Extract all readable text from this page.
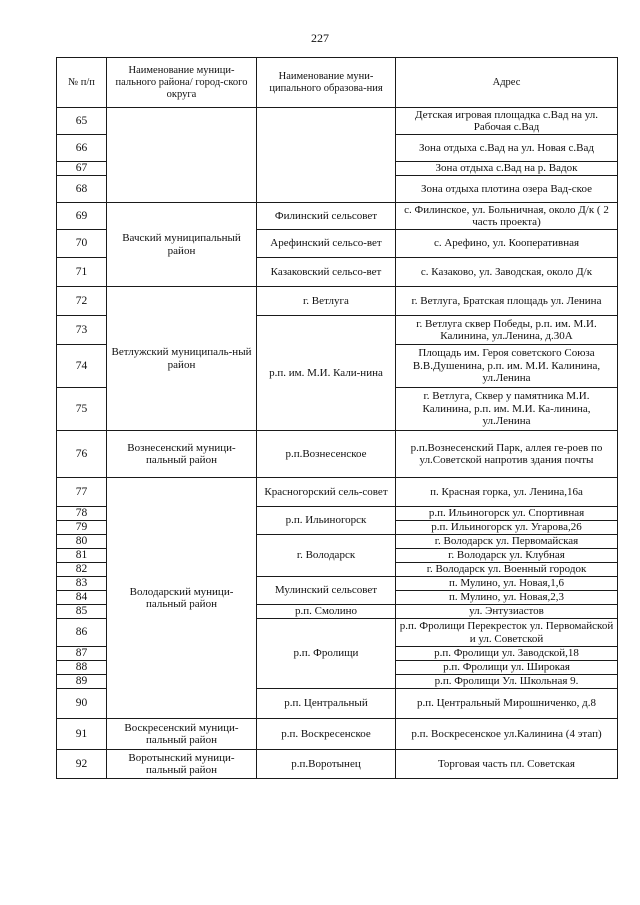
227
№ п/п	Наименование муници-пального района/ город-ского округа	Наименование муни-ципального образова-ния	Адрес
65			Детская игровая площадка с.Вад на ул. Рабочая с.Вад
66			Зона отдыха с.Вад на ул. Новая с.Вад
67			Зона отдыха с.Вад на р. Вадок
68			Зона отдыха плотина озера Вад-ское
69	Вачский муниципальный район	Филинский сельсовет	с. Филинское, ул. Больничная, около Д/к ( 2 часть проекта)
70		Арефинский сельсо-вет	с. Арефино, ул. Кооперативная
71		Казаковский сельсо-вет	с. Казаково, ул. Заводская, около Д/к
72	Ветлужский муниципаль-ный район	г. Ветлуга	г. Ветлуга, Братская площадь ул. Ленина
73		р.п. им. М.И. Кали-нина	г. Ветлуга сквер Победы, р.п. им. М.И. Калинина, ул.Ленина, д.30А
74			Площадь им. Героя советского Союза В.В.Душенина, р.п. им. М.И. Калинина, ул.Ленина
75			г. Ветлуга, Сквер у памятника М.И. Калинина, р.п. им. М.И. Ка-линина, ул.Ленина
76	Вознесенский муници-пальный район	р.п.Вознесенское	р.п.Вознесенский Парк, аллея ге-роев по ул.Советской напротив здания почты
77	Володарский муници-пальный район	Красногорский сель-совет	п. Красная горка, ул. Ленина,16а
78		р.п. Ильиногорск	р.п. Ильиногорск ул. Спортивная
79			р.п. Ильиногорск ул. Угарова,26
80		г. Володарск	г. Володарск ул. Первомайская
81			г. Володарск ул. Клубная
82			г. Володарск ул. Военный городок
83		Мулинский сельсовет	п. Мулино, ул. Новая,1,6
84			п. Мулино, ул. Новая,2,3
85		р.п. Смолино	ул. Энтузиастов
86		р.п. Фролищи	р.п. Фролищи Перекресток ул. Первомайской и ул. Советской
87			р.п. Фролищи ул. Заводской,18
88			р.п. Фролищи ул. Широкая
89			р.п. Фролищи Ул. Школьная 9.
90		р.п. Центральный	р.п. Центральный Мирошниченко, д.8
91	Воскресенский муници-пальный район	р.п. Воскресенское	р.п. Воскресенское ул.Калинина (4 этап)
92	Воротынский муници-пальный район	р.п.Воротынец	Торговая часть пл. Советская
